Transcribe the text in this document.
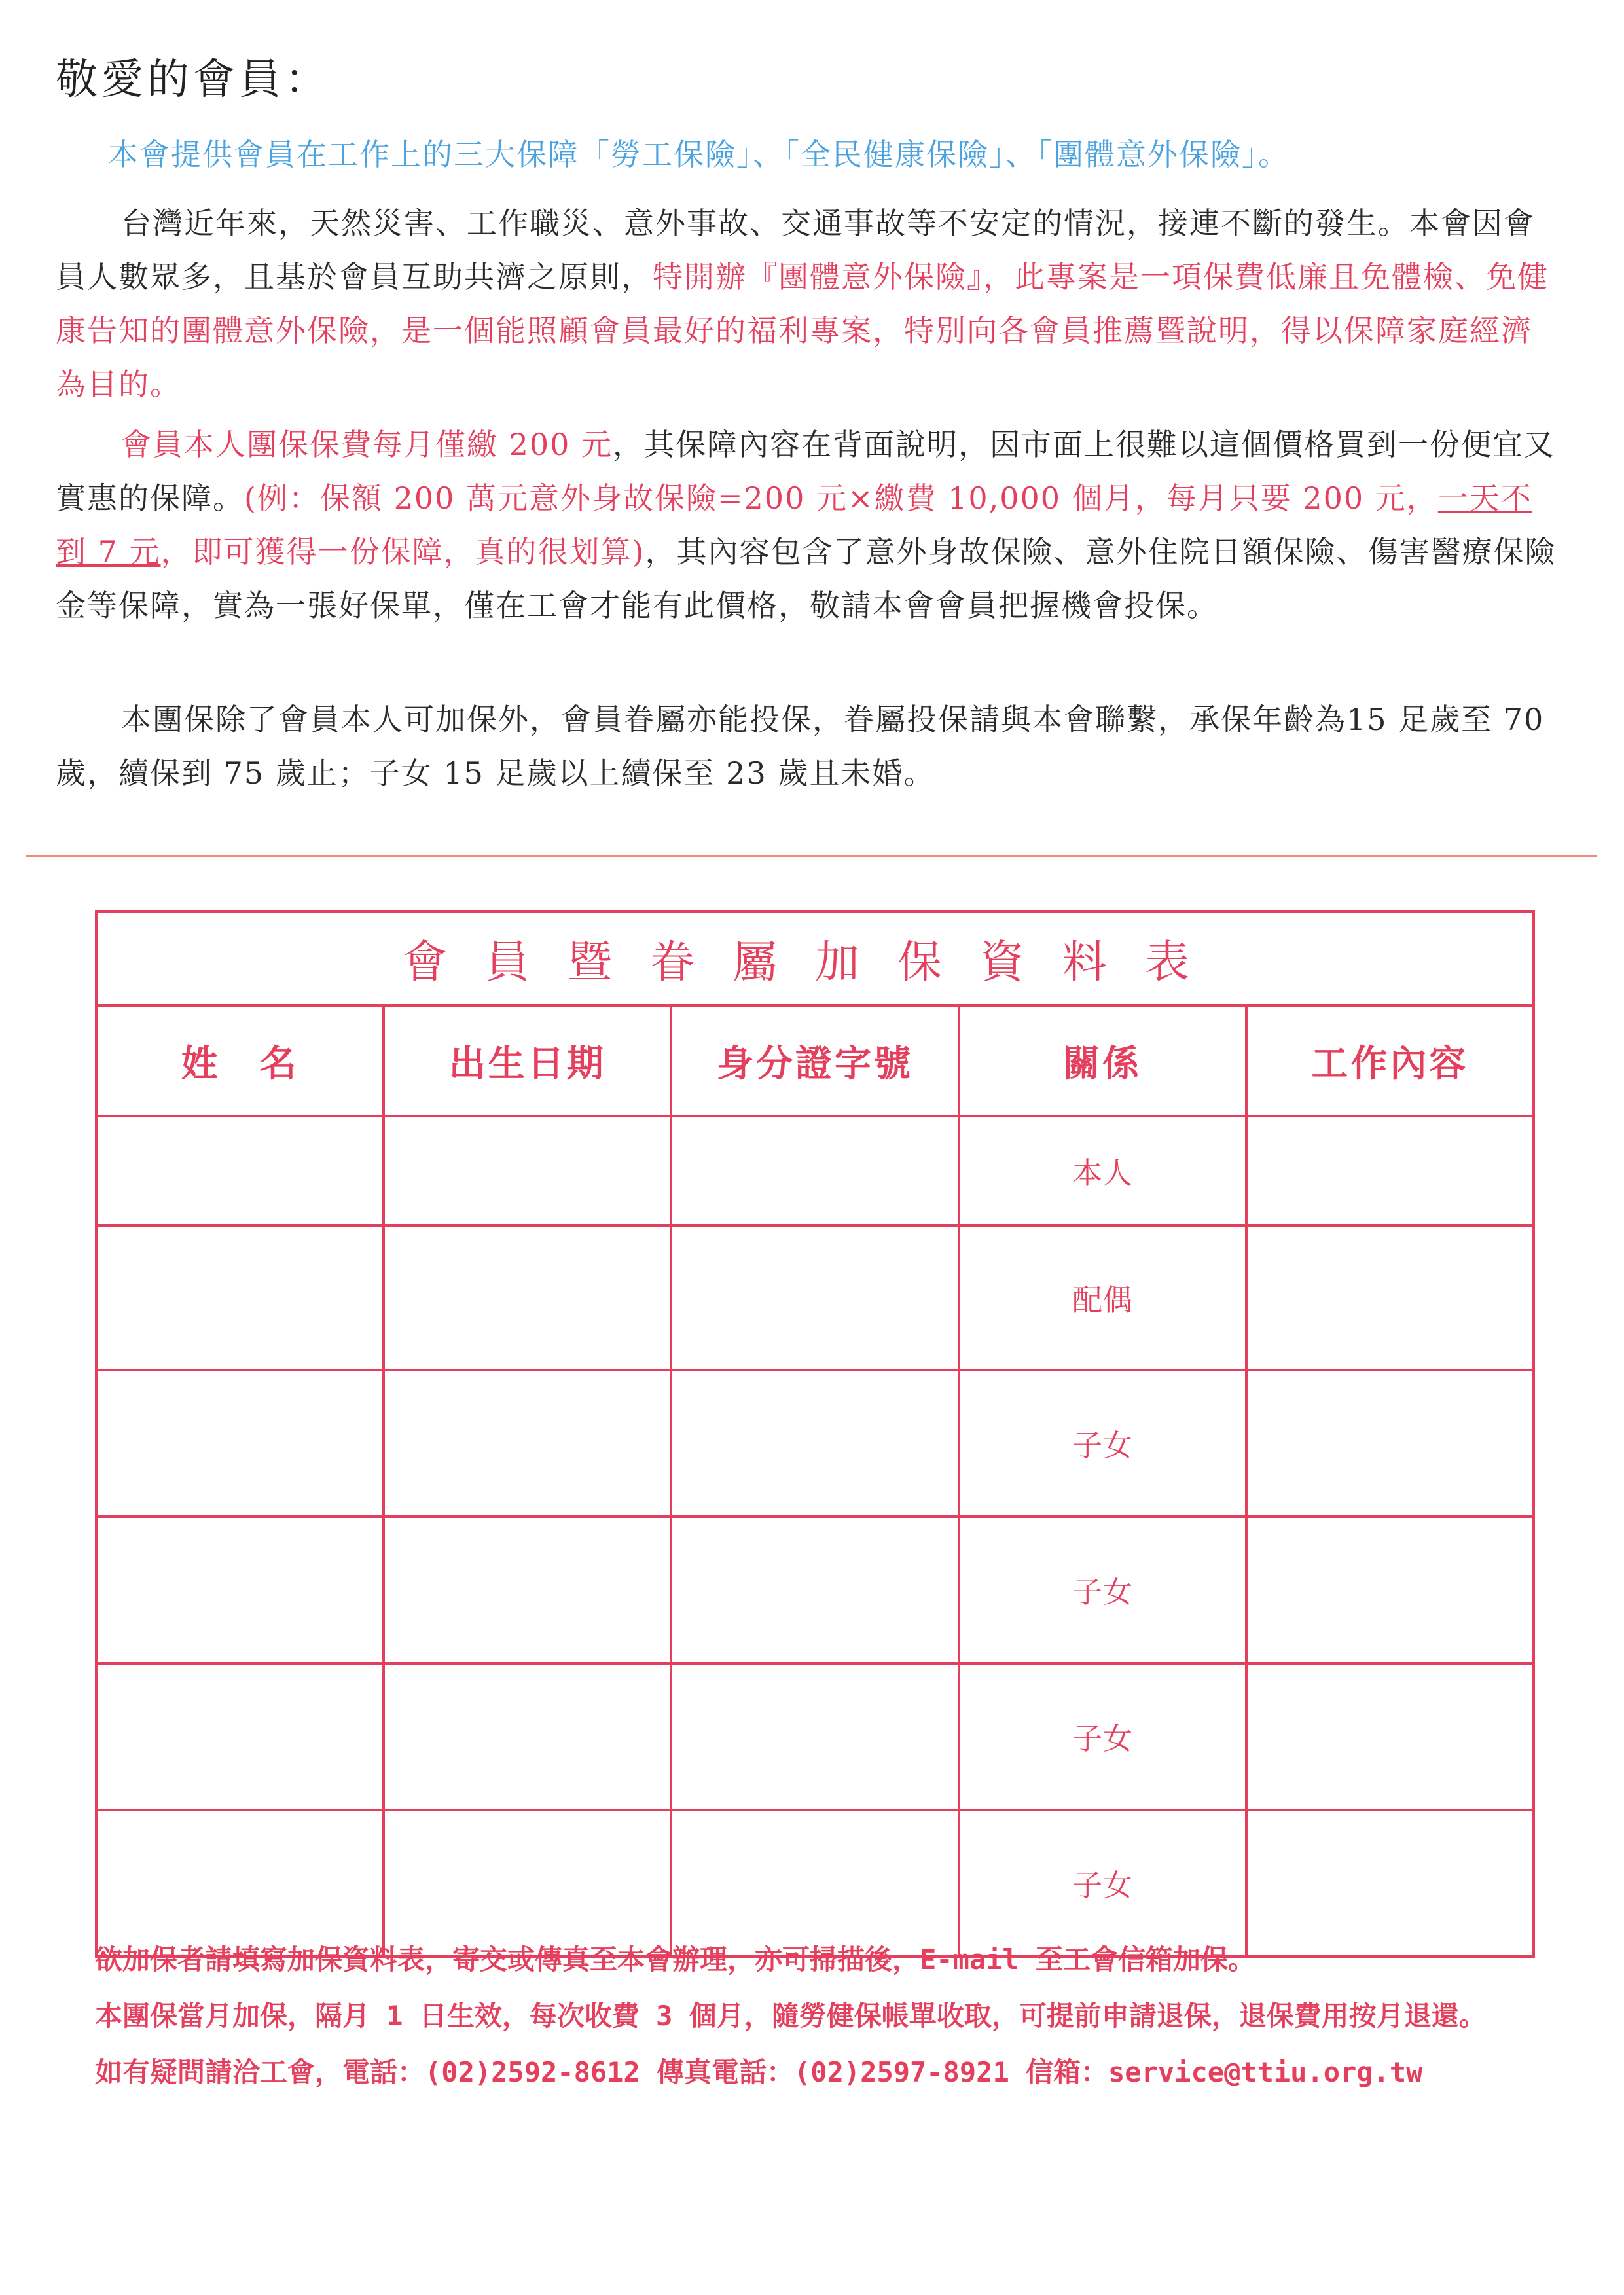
敬愛的會員：
本會提供會員在工作上的三大保障「勞工保險」、「全民健康保險」、「團體意外保險」。
台灣近年來，天然災害、工作職災、意外事故、交通事故等不安定的情況，接連不斷的發生。本會因會員人數眾多，且基於會員互助共濟之原則，特開辦『團體意外保險』，此專案是一項保費低廉且免體檢、免健康告知的團體意外保險，是一個能照顧會員最好的福利專案，特別向各會員推薦暨說明，得以保障家庭經濟為目的。
會員本人團保保費每月僅繳 200 元，其保障內容在背面說明，因市面上很難以這個價格買到一份便宜又實惠的保障。(例：保額 200 萬元意外身故保險=200 元×繳費 10,000 個月，每月只要 200 元，一天不到 7 元，即可獲得一份保障，真的很划算)，其內容包含了意外身故保險、意外住院日額保險、傷害醫療保險金等保障，實為一張好保單，僅在工會才能有此價格，敬請本會會員把握機會投保。
本團保除了會員本人可加保外，會員眷屬亦能投保，眷屬投保請與本會聯繫，承保年齡為15 足歲至 70 歲，續保到 75 歲止；子女 15 足歲以上續保至 23 歲且未婚。
會員暨眷屬加保資料表				
姓　名	出生日期	身分證字號	關係	工作內容
			本人	
			配偶	
			子女	
			子女	
			子女	
			子女	
欲加保者請填寫加保資料表，寄交或傳真至本會辦理，亦可掃描後，E-mail 至工會信箱加保。
本團保當月加保，隔月 1 日生效，每次收費 3 個月，隨勞健保帳單收取，可提前申請退保，退保費用按月退還。
如有疑問請洽工會，電話：(02)2592-8612 傳真電話：(02)2597-8921 信箱：service@ttiu.org.tw
